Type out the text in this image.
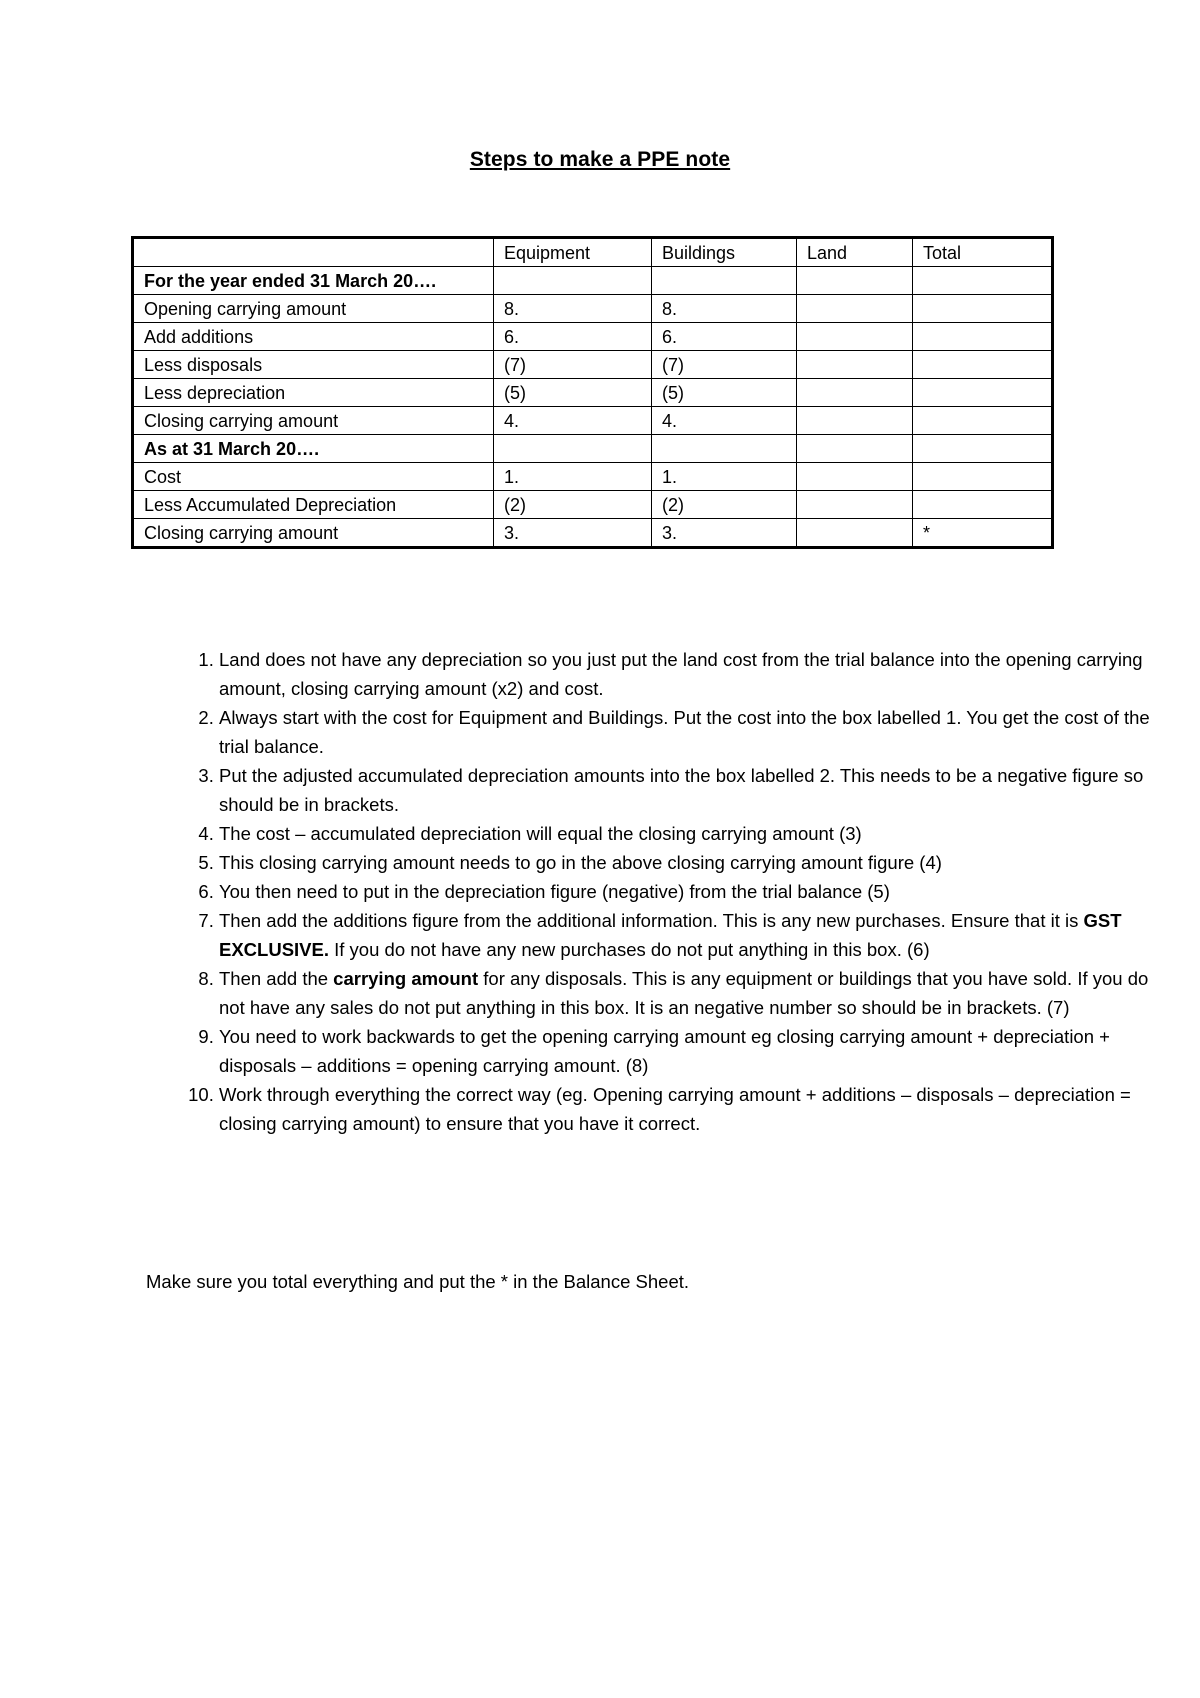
Steps to make a PPE note
	Equipment	Buildings	Land	Total
For the year ended 31 March 20….				
Opening carrying amount	8.	8.		
Add additions	6.	6.		
Less disposals	(7)	(7)		
Less depreciation	(5)	(5)		
Closing carrying amount	4.	4.		
As at 31 March 20….				
Cost	1.	1.		
Less Accumulated Depreciation	(2)	(2)		
Closing carrying amount	3.	3.		*
1. Land does not have any depreciation so you just put the land cost from the trial balance into the opening carrying amount, closing carrying amount (x2) and cost.
2. Always start with the cost for Equipment and Buildings. Put the cost into the box labelled 1. You get the cost of the trial balance.
3. Put the adjusted accumulated depreciation amounts into the box labelled 2. This needs to be a negative figure so should be in brackets.
4. The cost – accumulated depreciation will equal the closing carrying amount (3)
5. This closing carrying amount needs to go in the above closing carrying amount figure (4)
6. You then need to put in the depreciation figure (negative) from the trial balance (5)
7. Then add the additions figure from the additional information. This is any new purchases. Ensure that it is GST EXCLUSIVE. If you do not have any new purchases do not put anything in this box. (6)
8. Then add the carrying amount for any disposals. This is any equipment or buildings that you have sold. If you do not have any sales do not put anything in this box. It is an negative number so should be in brackets. (7)
9. You need to work backwards to get the opening carrying amount eg closing carrying amount + depreciation + disposals – additions = opening carrying amount. (8)
10. Work through everything the correct way (eg. Opening carrying amount + additions – disposals – depreciation = closing carrying amount) to ensure that you have it correct.
Make sure you total everything and put the * in the Balance Sheet.
